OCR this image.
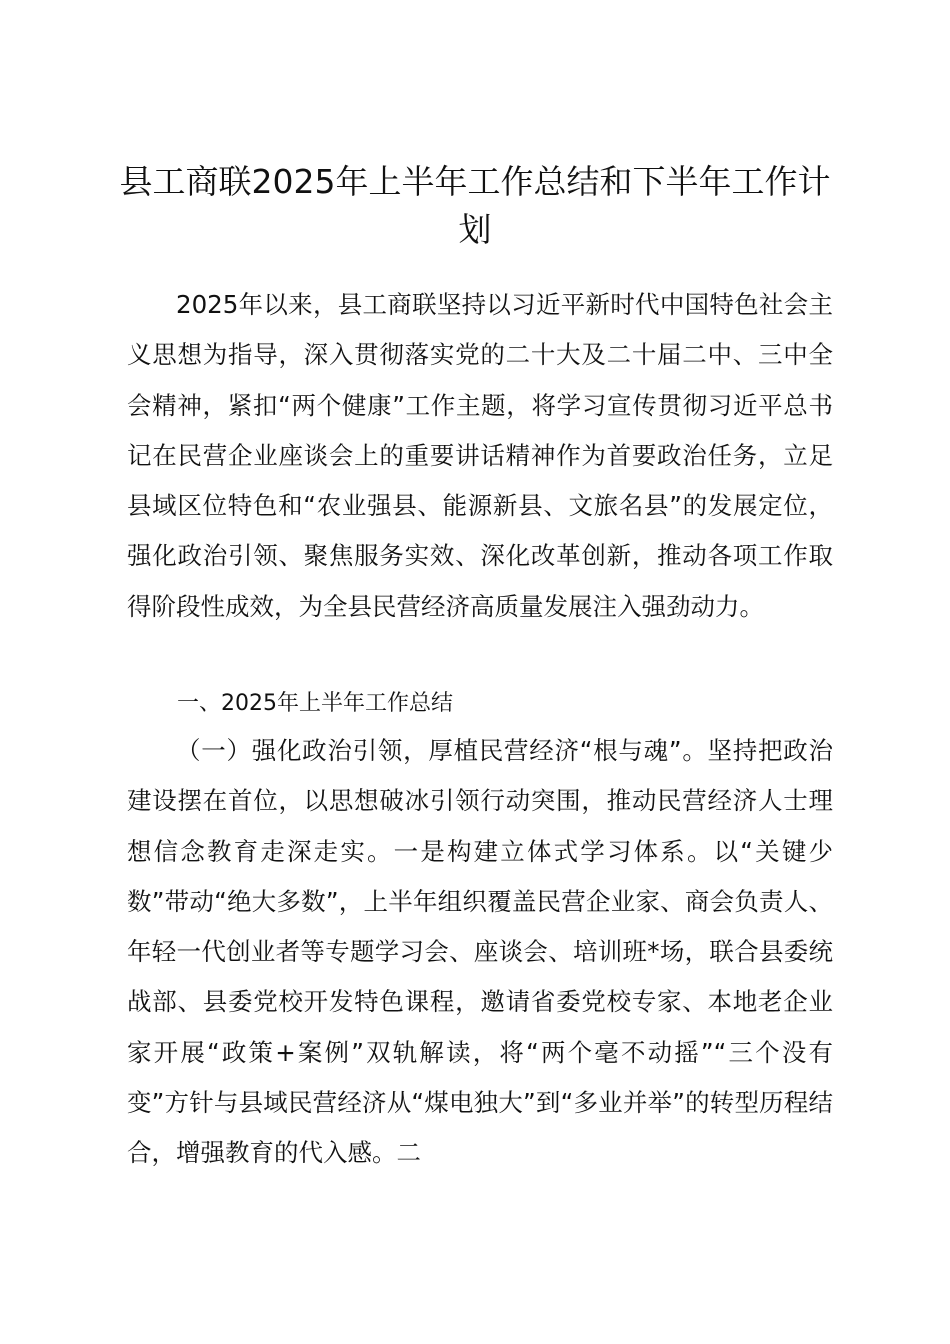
县工商联2025年上半年工作总结和下半年工作计划

2025年以来，县工商联坚持以习近平新时代中国特色社会主义思想为指导，深入贯彻落实党的二十大及二十届二中、三中全会精神，紧扣“两个健康”工作主题，将学习宣传贯彻习近平总书记在民营企业座谈会上的重要讲话精神作为首要政治任务，立足县域区位特色和“农业强县、能源新县、文旅名县”的发展定位，强化政治引领、聚焦服务实效、深化改革创新，推动各项工作取得阶段性成效，为全县民营经济高质量发展注入强劲动力。

一、2025年上半年工作总结

（一）强化政治引领，厚植民营经济“根与魂”。坚持把政治建设摆在首位，以思想破冰引领行动突围，推动民营经济人士理想信念教育走深走实。一是构建立体式学习体系。以“关键少数”带动“绝大多数”，上半年组织覆盖民营企业家、商会负责人、年轻一代创业者等专题学习会、座谈会、培训班*场，联合县委统战部、县委党校开发特色课程，邀请省委党校专家、本地老企业家开展“政策+案例”双轨解读，将“两个毫不动摇”“三个没有变”方针与县域民营经济从“煤电独大”到“多业并举”的转型历程结合，增强教育的代入感。二
